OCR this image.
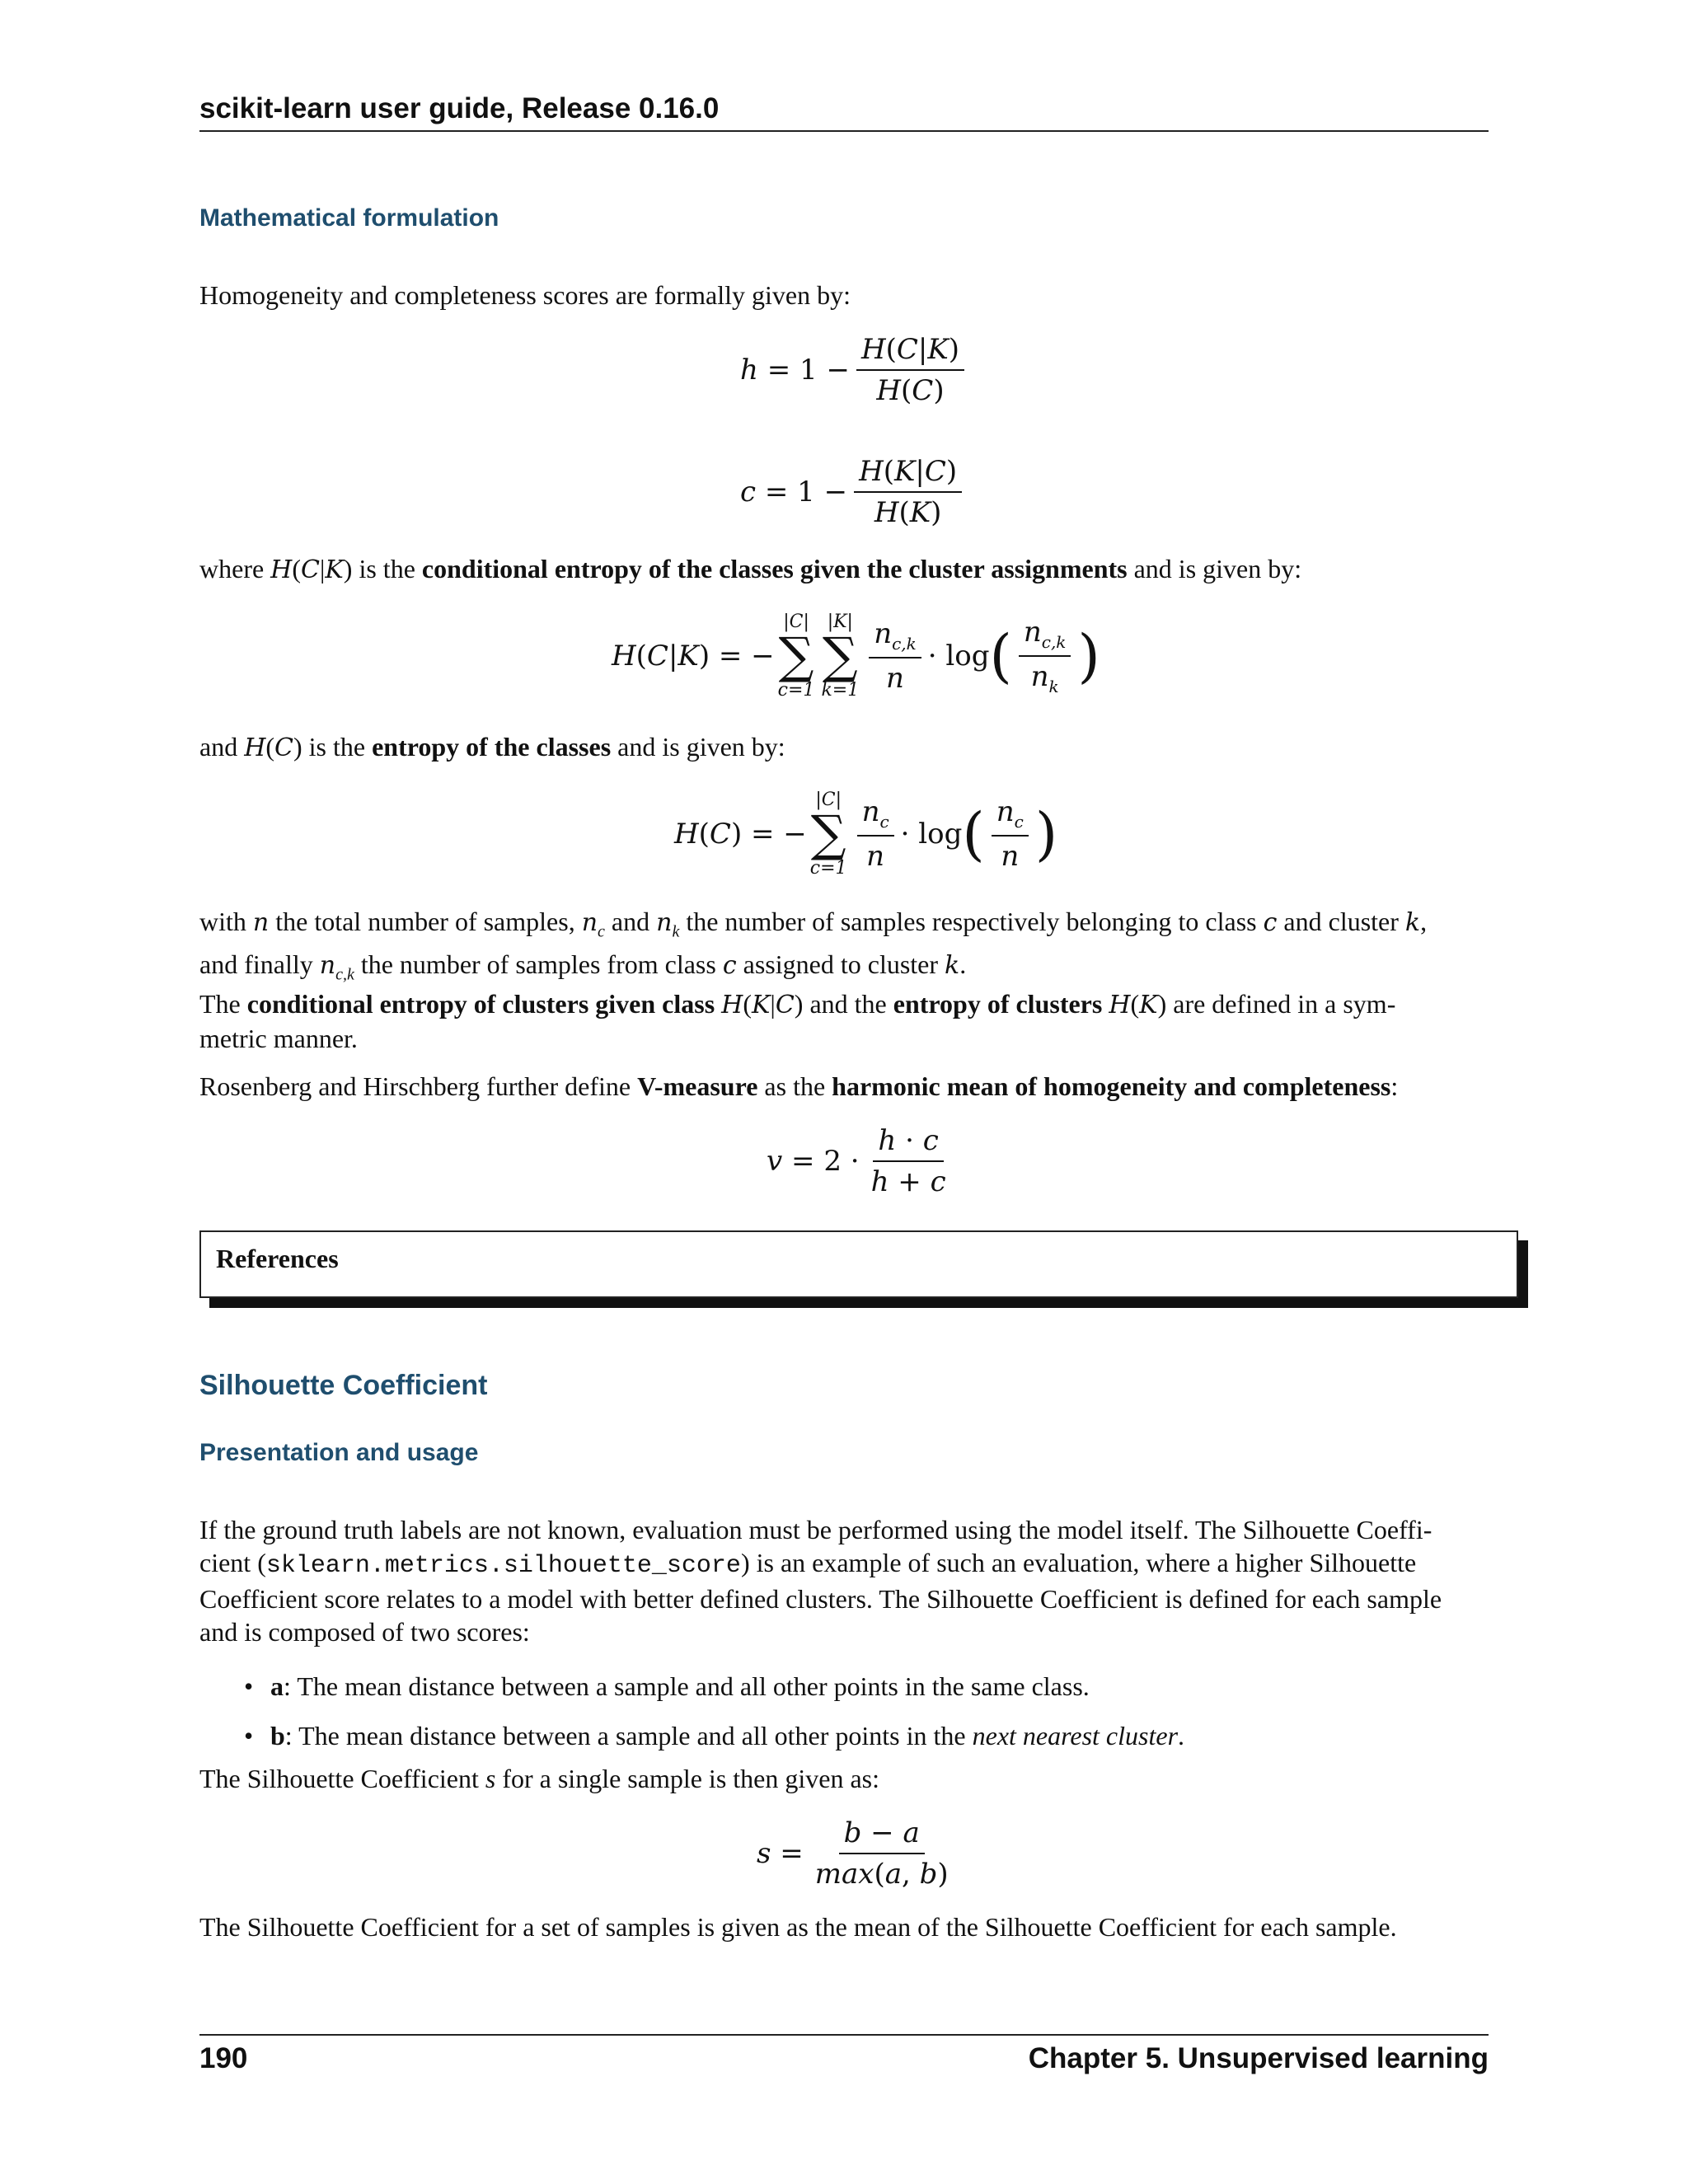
scikit-learn user guide, Release 0.16.0
Mathematical formulation
Homogeneity and completeness scores are formally given by:
$h = 1 - \frac{H(C|K)}{H(C)}$
$c = 1 - \frac{H(K|C)}{H(K)}$
where H(C|K) is the conditional entropy of the classes given the cluster assignments and is given by:
H ( C | K ) = −
|C|
∑
c=1
|K|
∑
$k=1 \frac{n_{c,k}}{n} \cdot \log$ ( $\frac{n_{c,k}}{n_k}$ )
and H(C) is the entropy of the classes and is given by:
H ( C ) = −
|C|
∑
$c=1 \frac{n_c}{n} \cdot \log$ ( $\frac{n_c}{n}$ )
with n the total number of samples, $n_c$ and $n_k$ the number of samples respectively belonging to class c and cluster k,
and finally $n_{c,k}$ the number of samples from class c assigned to cluster k.
The conditional entropy of clusters given class H(K|C) and the entropy of clusters H(K) are defined in a sym-
metric manner.
Rosenberg and Hirschberg further define V-measure as the harmonic mean of homogeneity and completeness:
$v = 2 \cdot \frac{h \cdot c}{h + c}$
References
Silhouette Coefficient
Presentation and usage
If the ground truth labels are not known, evaluation must be performed using the model itself. The Silhouette Coeffi-
cient (sklearn.metrics.silhouette_score) is an example of such an evaluation, where a higher Silhouette
Coefficient score relates to a model with better defined clusters. The Silhouette Coefficient is defined for each sample
and is composed of two scores:
• a: The mean distance between a sample and all other points in the same class.
• b: The mean distance between a sample and all other points in the next nearest cluster.
The Silhouette Coefficient s for a single sample is then given as:
$s = \frac{b - a}{\max(a, b)}$
The Silhouette Coefficient for a set of samples is given as the mean of the Silhouette Coefficient for each sample.
190	Chapter 5. Unsupervised learning
